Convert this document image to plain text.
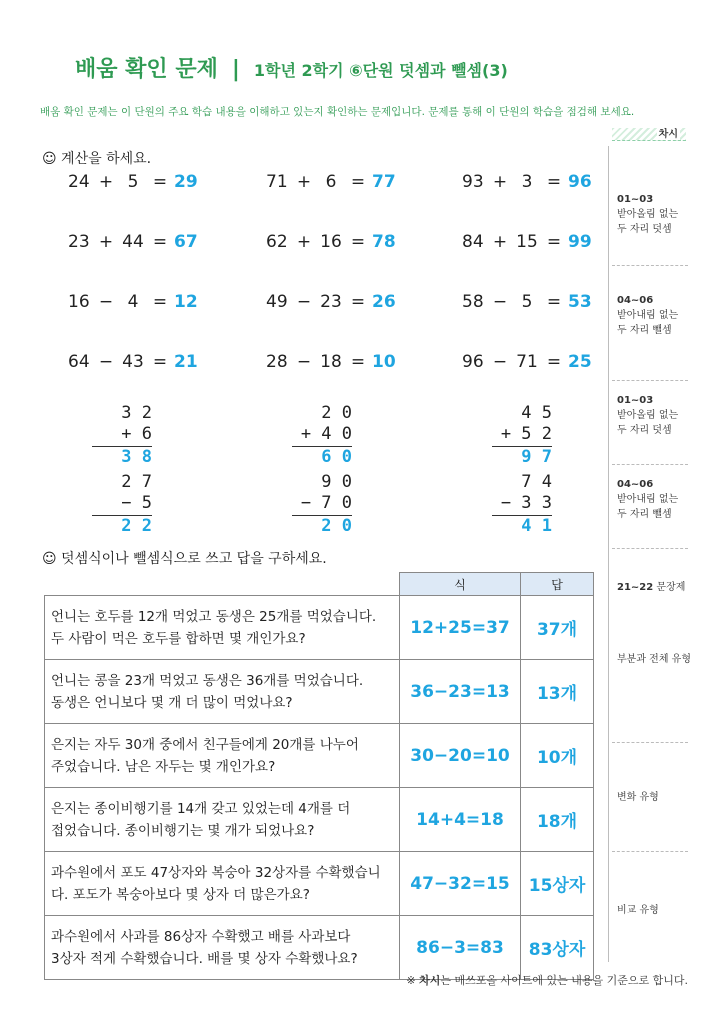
배움 확인 문제 | 1학년 2학기 ⑥단원 덧셈과 뺄셈(3)
배움 확인 문제는 이 단원의 주요 학습 내용을 이해하고 있는지 확인하는 문제입니다. 문제를 통해 이 단원의 학습을 점검해 보세요.
차시
01~03
받아올림 없는
두 자리 덧셈
04~06
받아내림 없는
두 자리 뺄셈
01~03
받아올림 없는
두 자리 덧셈
04~06
받아내림 없는
두 자리 뺄셈
21~22 문장제
부분과 전체 유형
변화 유형
비교 유형
☺ 계산을 하세요.
24 + 5 = 29	71 + 6 = 77	93 + 3 = 96
23 + 44 = 67	62 + 16 = 78	84 + 15 = 99
16 − 4 = 12	49 − 23 = 26	58 − 5 = 53
64 − 43 = 21	28 − 18 = 10	96 − 71 = 25
3 2
+ 6
3 8
2 0
+ 4 0
6 0
4 5
+ 5 2
9 7
2 7
− 5
2 2
9 0
− 7 0
2 0
7 4
− 3 3
4 1
☺ 덧셈식이나 뺄셈식으로 쓰고 답을 구하세요.
	식	답

언니는 호두를 12개 먹었고 동생은 25개를 먹었습니다.
두 사람이 먹은 호두를 합하면 몇 개인가요?	12+25=37	37개

언니는 콩을 23개 먹었고 동생은 36개를 먹었습니다.
동생은 언니보다 몇 개 더 많이 먹었나요?	36−23=13	13개

은지는 자두 30개 중에서 친구들에게 20개를 나누어
주었습니다. 남은 자두는 몇 개인가요?	30−20=10	10개

은지는 종이비행기를 14개 갖고 있었는데 4개를 더
접었습니다. 종이비행기는 몇 개가 되었나요?	14+4=18	18개

과수원에서 포도 47상자와 복숭아 32상자를 수확했습니
다. 포도가 복숭아보다 몇 상자 더 많은가요?	47−32=15	15상자

과수원에서 사과를 86상자 수확했고 배를 사과보다
3상자 적게 수확했습니다. 배를 몇 상자 수확했나요?	86−3=83	83상자
※ 차시는 매쓰포올 사이트에 있는 내용을 기준으로 합니다.
